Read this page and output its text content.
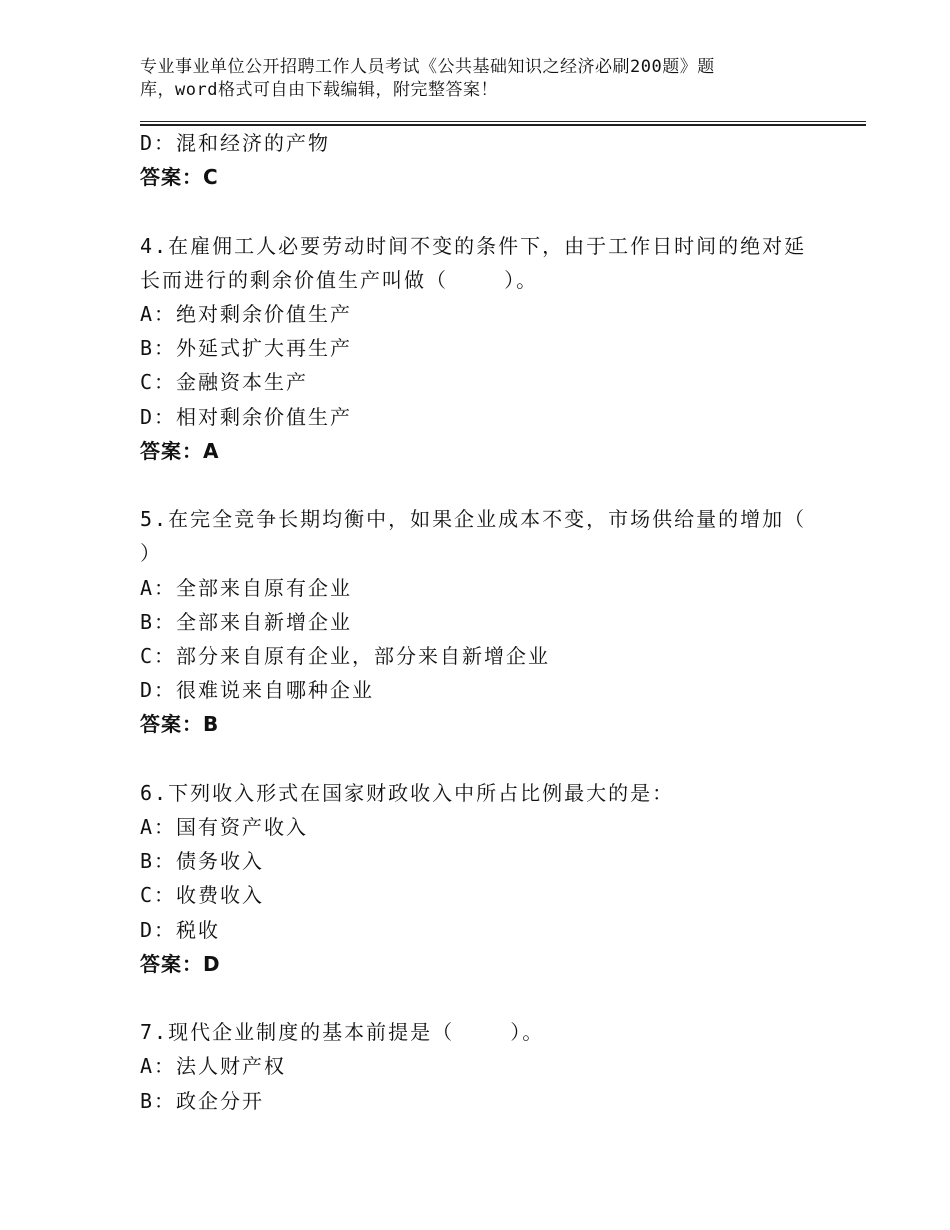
专业事业单位公开招聘工作人员考试《公共基础知识之经济必刷200题》题
库，word格式可自由下载编辑，附完整答案！
D：混和经济的产物
答案：C
4.在雇佣工人必要劳动时间不变的条件下，由于工作日时间的绝对延
长而进行的剩余价值生产叫做（    ）。
A：绝对剩余价值生产
B：外延式扩大再生产
C：金融资本生产
D：相对剩余价值生产
答案：A
5.在完全竞争长期均衡中，如果企业成本不变，市场供给量的增加（
）
A：全部来自原有企业
B：全部来自新增企业
C：部分来自原有企业，部分来自新增企业
D：很难说来自哪种企业
答案：B
6.下列收入形式在国家财政收入中所占比例最大的是：
A：国有资产收入
B：债务收入
C：收费收入
D：税收
答案：D
7.现代企业制度的基本前提是（    ）。
A：法人财产权
B：政企分开
